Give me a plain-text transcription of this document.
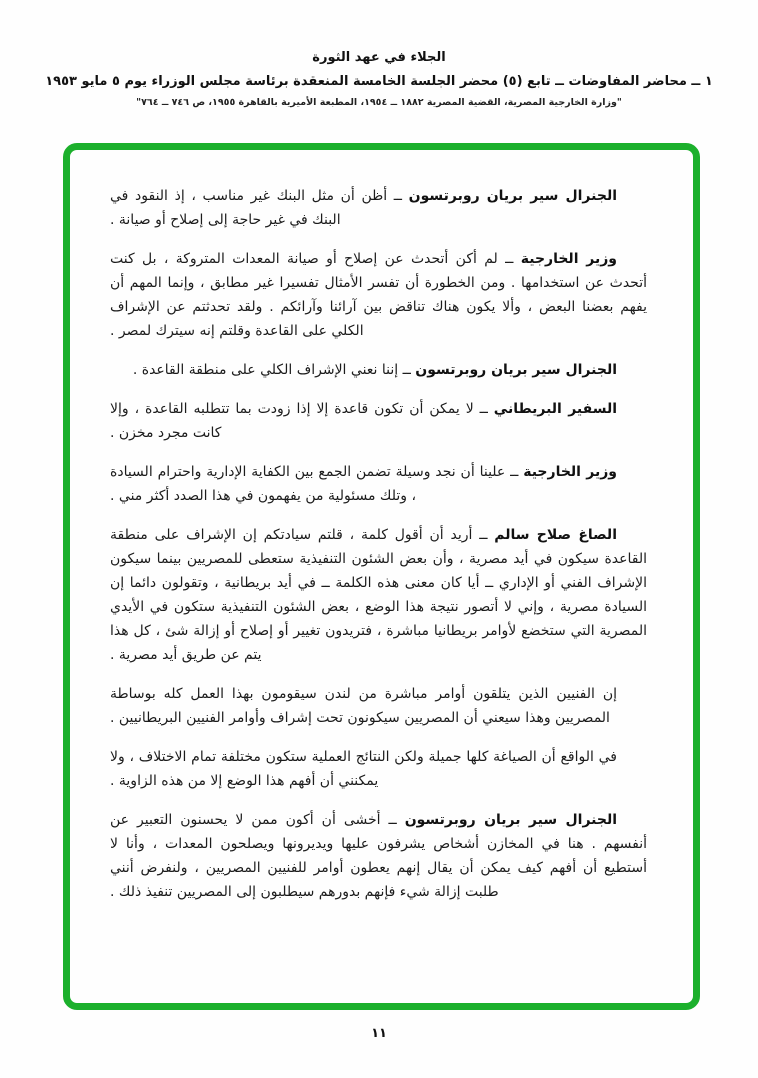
الجلاء في عهد الثورة

١ ــ محاضر المفاوضات ــ تابع (٥) محضر الجلسة الخامسة المنعقدة برئاسة مجلس الوزراء يوم ٥ مايو ١٩٥٣

"وزارة الخارجية المصرية، القضية المصرية ١٨٨٢ ــ ١٩٥٤، المطبعة الأميرية بالقاهرة ١٩٥٥، ص ٧٤٦ ــ ٧٦٤"

الجنرال سير بريان روبرتسون ــ أظن أن مثل البنك غير مناسب ، إذ النقود في البنك في غير حاجة إلى إصلاح أو صيانة .

وزير الخارجية ــ لم أكن أتحدث عن إصلاح أو صيانة المعدات المتروكة ، بل كنت أتحدث عن استخدامها . ومن الخطورة أن تفسر الأمثال تفسيرا غير مطابق ، وإنما المهم أن يفهم بعضنا البعض ، وألا يكون هناك تناقض بين آرائنا وآرائكم . ولقد تحدثتم عن الإشراف الكلي على القاعدة وقلتم إنه سيترك لمصر .

الجنرال سير بريان روبرتسون ــ إننا نعني الإشراف الكلي على منطقة القاعدة .

السفير البريطاني ــ لا يمكن أن تكون قاعدة إلا إذا زودت بما تتطلبه القاعدة ، وإلا كانت مجرد مخزن .

وزير الخارجية ــ علينا أن نجد وسيلة تضمن الجمع بين الكفاية الإدارية واحترام السيادة ، وتلك مسئولية من يفهمون في هذا الصدد أكثر مني .

الصاغ صلاح سالم ــ أريد أن أقول كلمة ، قلتم سيادتكم إن الإشراف على منطقة القاعدة سيكون في أيد مصرية ، وأن بعض الشئون التنفيذية ستعطى للمصريين بينما سيكون الإشراف الفني أو الإداري ــ أيا كان معنى هذه الكلمة ــ في أيد بريطانية ، وتقولون دائما إن السيادة مصرية ، وإني لا أتصور نتيجة هذا الوضع ، بعض الشئون التنفيذية ستكون في الأيدي المصرية التي ستخضع لأوامر بريطانيا مباشرة ، فتريدون تغيير أو إصلاح أو إزالة شئ ، كل هذا يتم عن طريق أيد مصرية .

إن الفنيين الذين يتلقون أوامر مباشرة من لندن سيقومون بهذا العمل كله بوساطة المصريين وهذا سيعني أن المصريين سيكونون تحت إشراف وأوامر الفنيين البريطانيين .

في الواقع أن الصياغة كلها جميلة ولكن النتائج العملية ستكون مختلفة تمام الاختلاف ، ولا يمكنني أن أفهم هذا الوضع إلا من هذه الزاوية .

الجنرال سير بريان روبرتسون ــ أخشى أن أكون ممن لا يحسنون التعبير عن أنفسهم . هنا في المخازن أشخاص يشرفون عليها ويديرونها ويصلحون المعدات ، وأنا لا أستطيع أن أفهم كيف يمكن أن يقال إنهم يعطون أوامر للفنيين المصريين ، ولنفرض أنني طلبت إزالة شيء فإنهم بدورهم سيطلبون إلى المصريين تنفيذ ذلك .

١١
